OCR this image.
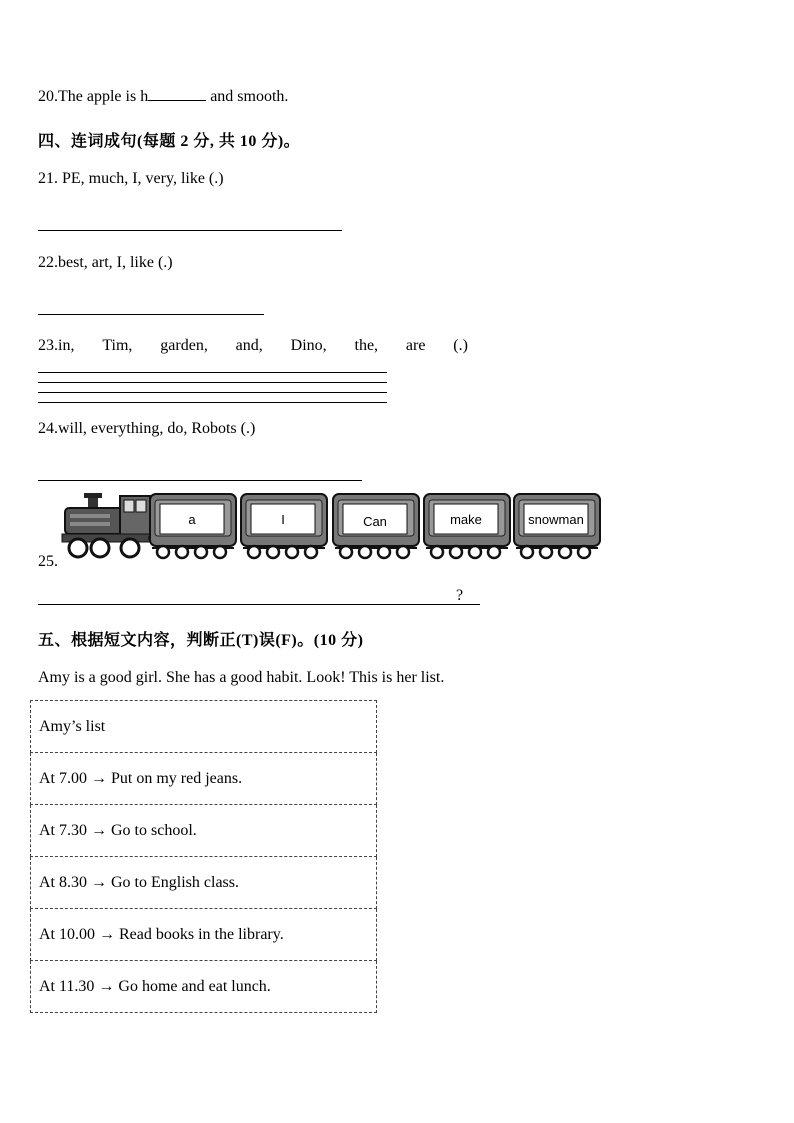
20.The apple is h	and smooth.
四、连词成句(每题 2 分, 共 10 分)。
21. PE, much, I, very, like (.)
22.best, art, I, like (.)
23.in, Tim, garden, and, Dino, the, are (.)
24.will, everything, do, Robots (.)
a	I	Can	make	snowman
25.
?
五、根据短文内容，判断正(T)误(F)。(10 分)
Amy is a good girl. She has a good habit. Look! This is her list.
Amy’s list
At 7.00 → Put on my red jeans.
At 7.30 → Go to school.
At 8.30 → Go to English class.
At 10.00 → Read books in the library.
At 11.30 → Go home and eat lunch.
